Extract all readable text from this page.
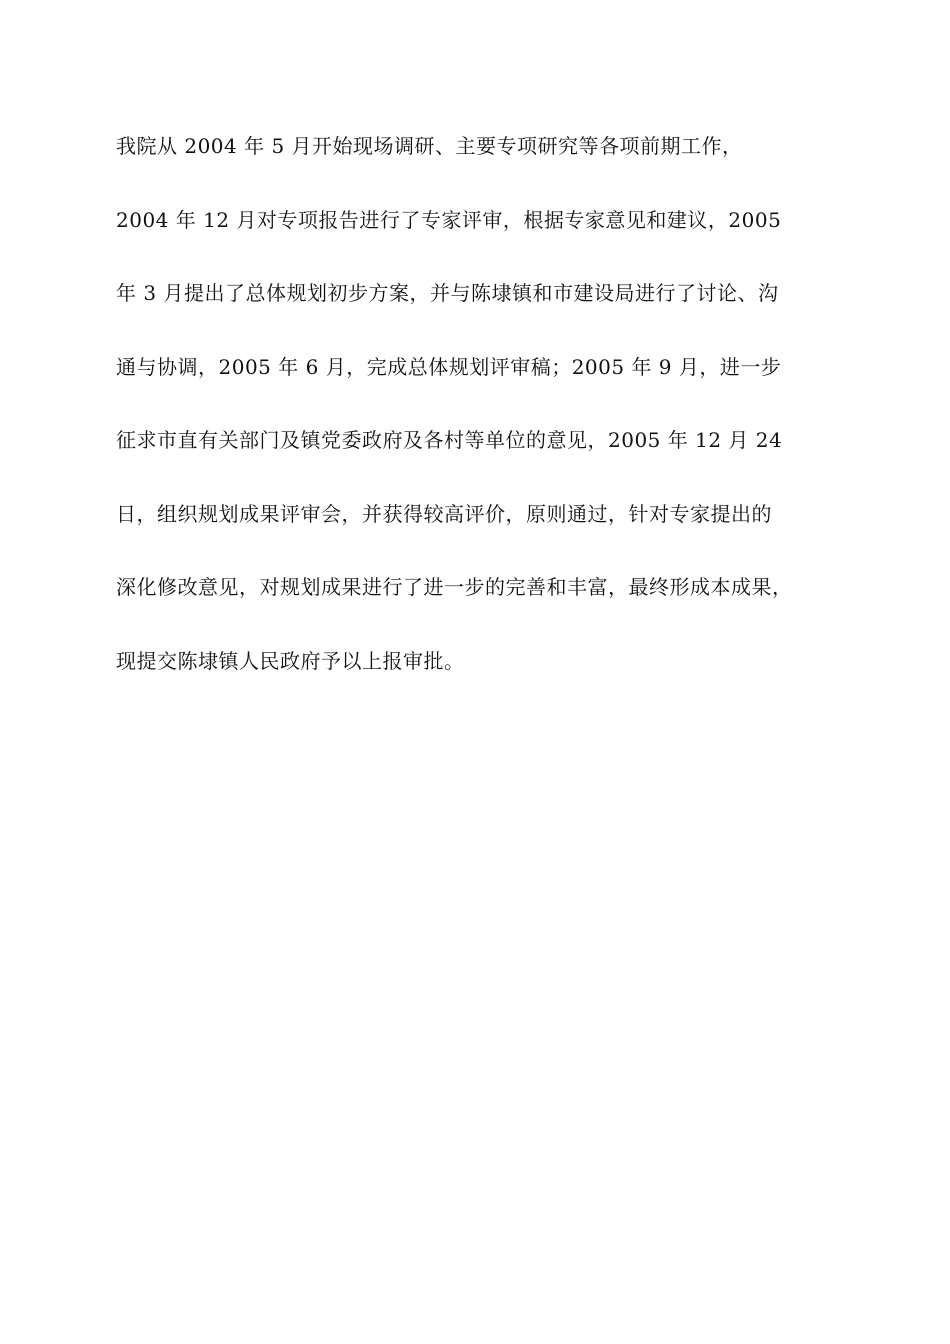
我院从 2004 年 5 月开始现场调研、主要专项研究等各项前期工作，
2004 年 12 月对专项报告进行了专家评审，根据专家意见和建议，2005
年 3 月提出了总体规划初步方案，并与陈埭镇和市建设局进行了讨论、沟
通与协调，2005 年 6 月，完成总体规划评审稿；2005 年 9 月，进一步
征求市直有关部门及镇党委政府及各村等单位的意见，2005 年 12 月 24
日，组织规划成果评审会，并获得较高评价，原则通过，针对专家提出的
深化修改意见，对规划成果进行了进一步的完善和丰富，最终形成本成果，
现提交陈埭镇人民政府予以上报审批。
